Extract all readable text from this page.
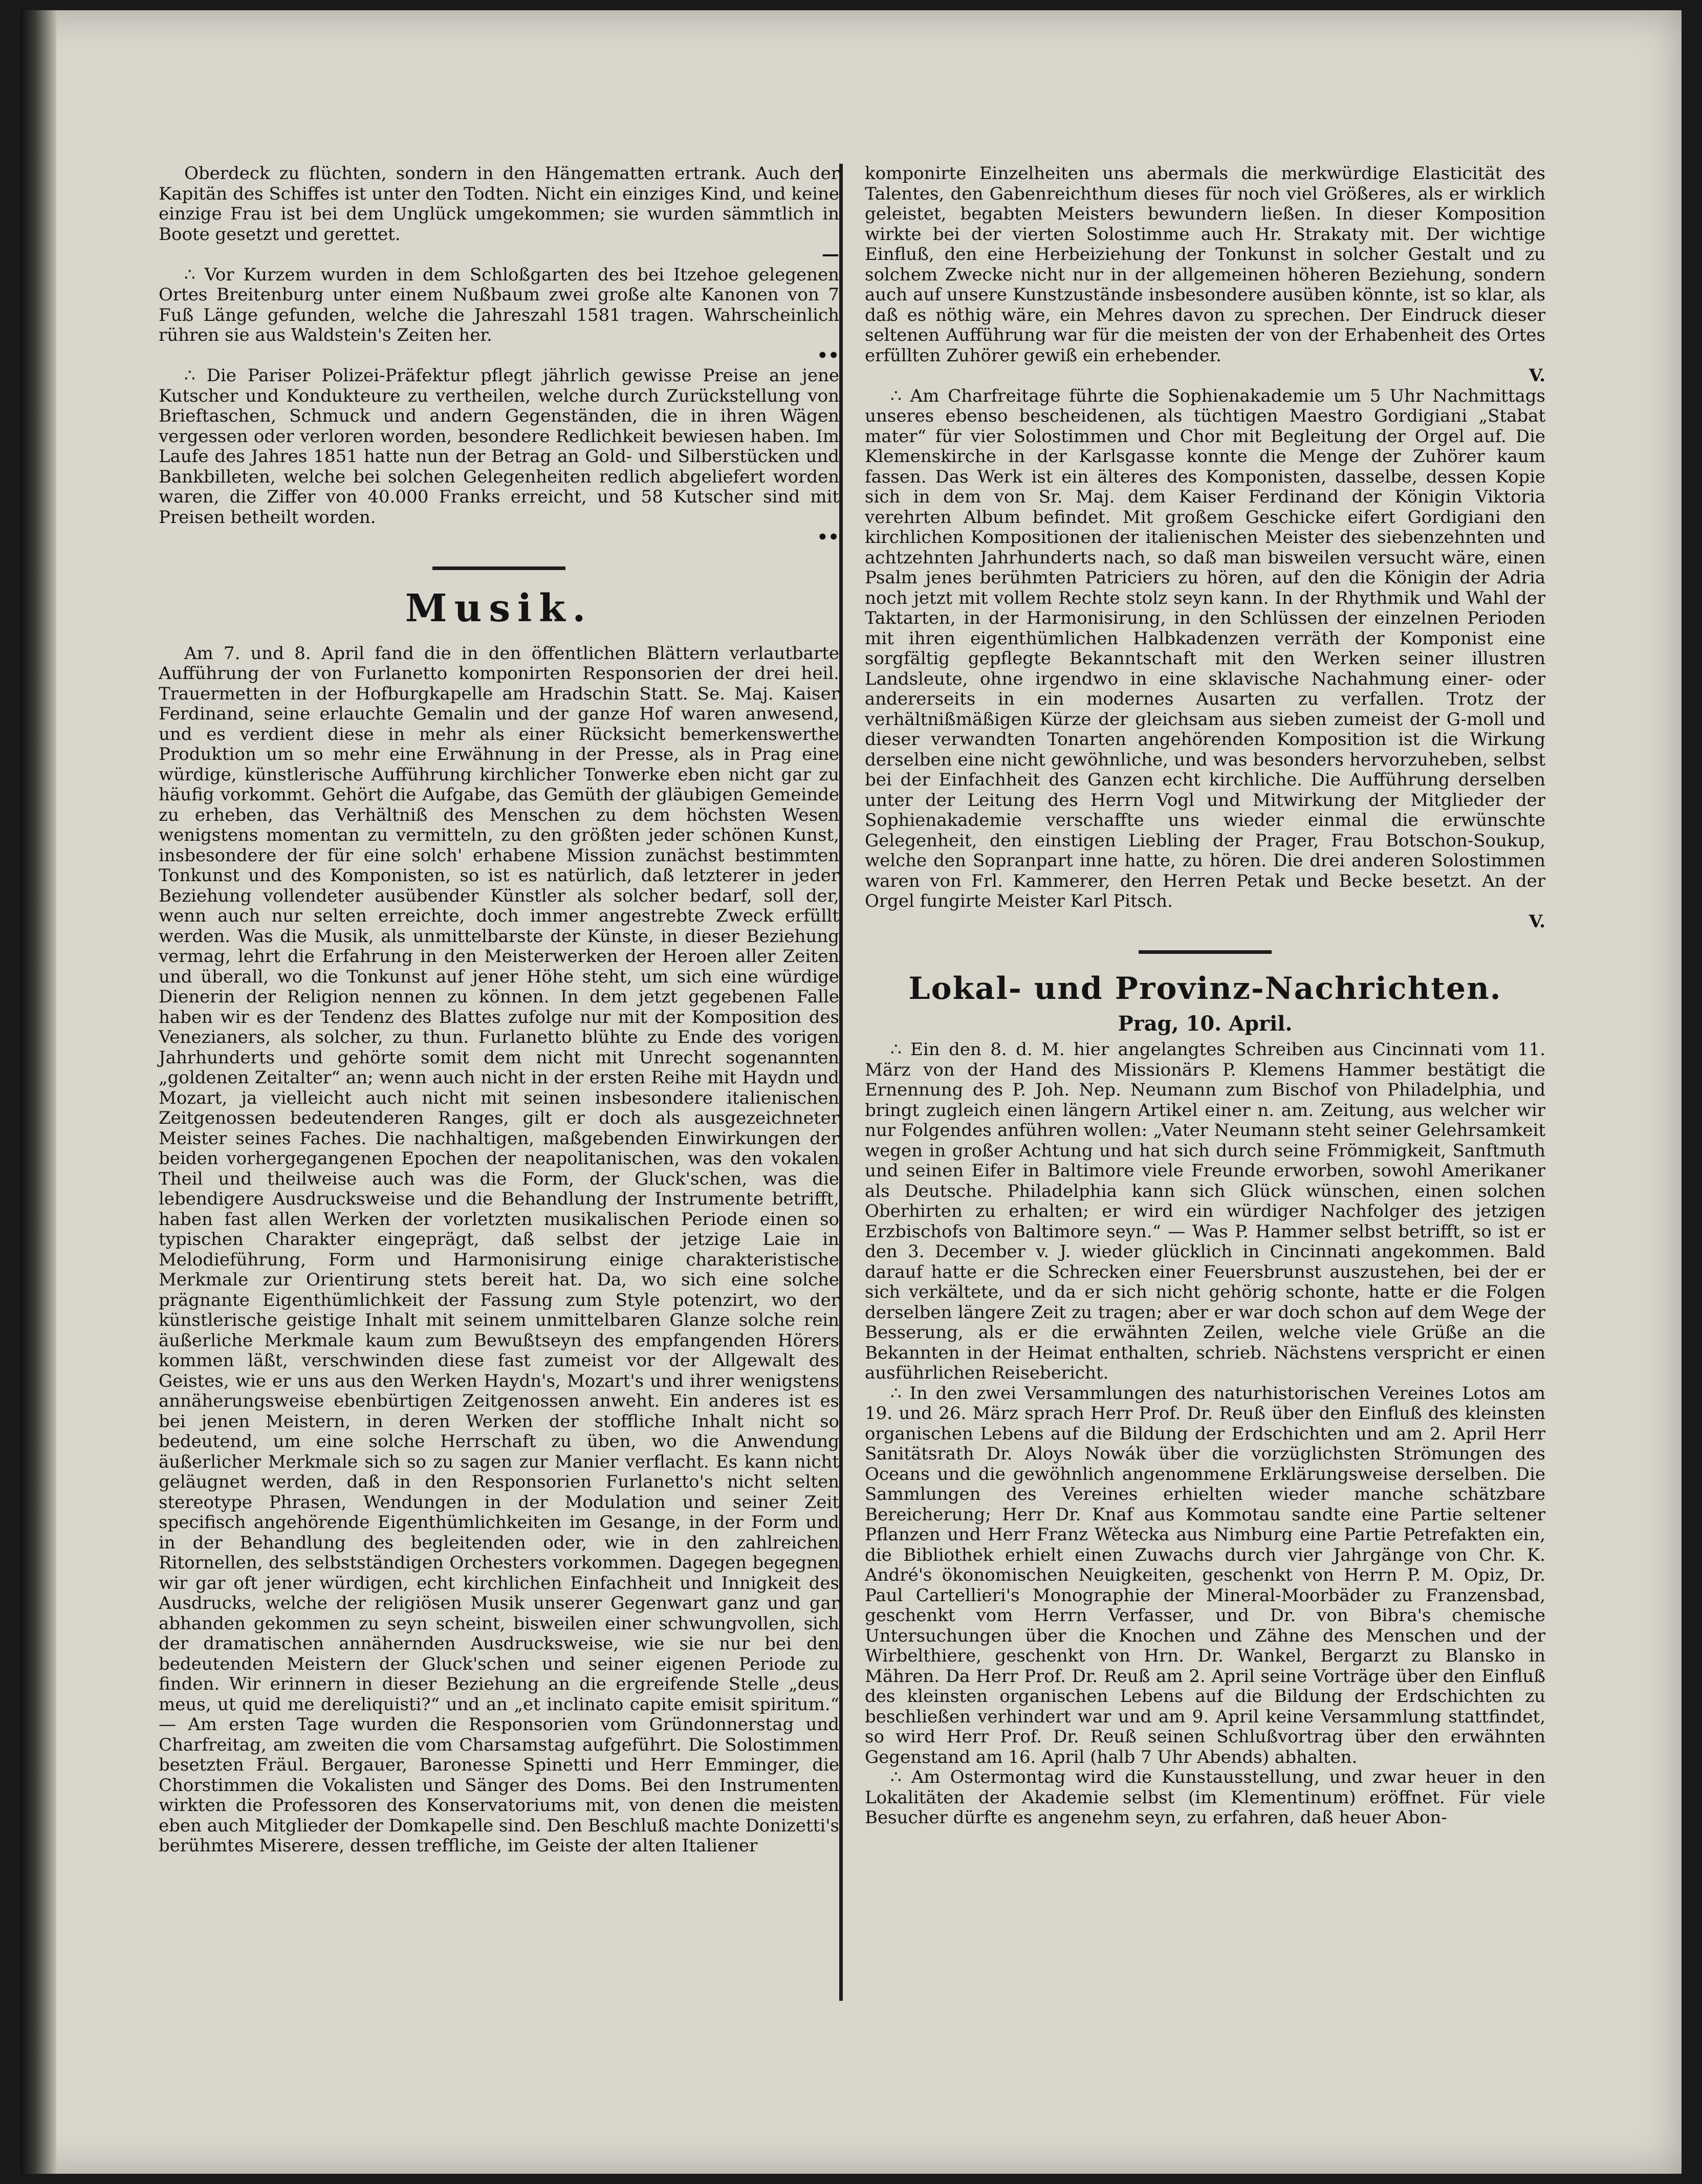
Oberdeck zu flüchten, sondern in den Hängematten ertrank. Auch der Kapitän des Schiffes ist unter den Todten. Nicht ein einziges Kind, und keine einzige Frau ist bei dem Unglück umgekommen; sie wurden sämmtlich in Boote gesetzt und gerettet.

—

∴ Vor Kurzem wurden in dem Schloßgarten des bei Itzehoe gelegenen Ortes Breitenburg unter einem Nußbaum zwei große alte Kanonen von 7 Fuß Länge gefunden, welche die Jahreszahl 1581 tragen. Wahrscheinlich rühren sie aus Waldstein's Zeiten her.

••

∴ Die Pariser Polizei-Präfektur pflegt jährlich gewisse Preise an jene Kutscher und Kondukteure zu vertheilen, welche durch Zurückstellung von Brieftaschen, Schmuck und andern Gegenständen, die in ihren Wägen vergessen oder verloren worden, besondere Redlichkeit bewiesen haben. Im Laufe des Jahres 1851 hatte nun der Betrag an Gold- und Silberstücken und Bankbilleten, welche bei solchen Gelegenheiten redlich abgeliefert worden waren, die Ziffer von 40.000 Franks erreicht, und 58 Kutscher sind mit Preisen betheilt worden.

••
Musik.

Am 7. und 8. April fand die in den öffentlichen Blättern verlautbarte Aufführung der von Furlanetto komponirten Responsorien der drei heil. Trauermetten in der Hofburgkapelle am Hradschin Statt. Se. Maj. Kaiser Ferdinand, seine erlauchte Gemalin und der ganze Hof waren anwesend, und es verdient diese in mehr als einer Rücksicht bemerkenswerthe Produktion um so mehr eine Erwähnung in der Presse, als in Prag eine würdige, künstlerische Aufführung kirchlicher Tonwerke eben nicht gar zu häufig vorkommt. Gehört die Aufgabe, das Gemüth der gläubigen Gemeinde zu erheben, das Verhältniß des Menschen zu dem höchsten Wesen wenigstens momentan zu vermitteln, zu den größten jeder schönen Kunst, insbesondere der für eine solch' erhabene Mission zunächst bestimmten Tonkunst und des Komponisten, so ist es natürlich, daß letzterer in jeder Beziehung vollendeter ausübender Künstler als solcher bedarf, soll der, wenn auch nur selten erreichte, doch immer angestrebte Zweck erfüllt werden. Was die Musik, als unmittelbarste der Künste, in dieser Beziehung vermag, lehrt die Erfahrung in den Meisterwerken der Heroen aller Zeiten und überall, wo die Tonkunst auf jener Höhe steht, um sich eine würdige Dienerin der Religion nennen zu können. In dem jetzt gegebenen Falle haben wir es der Tendenz des Blattes zufolge nur mit der Komposition des Venezianers, als solcher, zu thun. Furlanetto blühte zu Ende des vorigen Jahrhunderts und gehörte somit dem nicht mit Unrecht sogenannten „goldenen Zeitalter“ an; wenn auch nicht in der ersten Reihe mit Haydn und Mozart, ja vielleicht auch nicht mit seinen insbesondere italienischen Zeitgenossen bedeutenderen Ranges, gilt er doch als ausgezeichneter Meister seines Faches. Die nachhaltigen, maßgebenden Einwirkungen der beiden vorhergegangenen Epochen der neapolitanischen, was den vokalen Theil und theilweise auch was die Form, der Gluck'schen, was die lebendigere Ausdrucksweise und die Behandlung der Instrumente betrifft, haben fast allen Werken der vorletzten musikalischen Periode einen so typischen Charakter eingeprägt, daß selbst der jetzige Laie in Melodieführung, Form und Harmonisirung einige charakteristische Merkmale zur Orientirung stets bereit hat. Da, wo sich eine solche prägnante Eigenthümlichkeit der Fassung zum Style potenzirt, wo der künstlerische geistige Inhalt mit seinem unmittelbaren Glanze solche rein äußerliche Merkmale kaum zum Bewußtseyn des empfangenden Hörers kommen läßt, verschwinden diese fast zumeist vor der Allgewalt des Geistes, wie er uns aus den Werken Haydn's, Mozart's und ihrer wenigstens annäherungsweise ebenbürtigen Zeitgenossen anweht. Ein anderes ist es bei jenen Meistern, in deren Werken der stoffliche Inhalt nicht so bedeutend, um eine solche Herrschaft zu üben, wo die Anwendung äußerlicher Merkmale sich so zu sagen zur Manier verflacht. Es kann nicht geläugnet werden, daß in den Responsorien Furlanetto's nicht selten stereotype Phrasen, Wendungen in der Modulation und seiner Zeit specifisch angehörende Eigenthümlichkeiten im Gesange, in der Form und in der Behandlung des begleitenden oder, wie in den zahlreichen Ritornellen, des selbstständigen Orchesters vorkommen. Dagegen begegnen wir gar oft jener würdigen, echt kirchlichen Einfachheit und Innigkeit des Ausdrucks, welche der religiösen Musik unserer Gegenwart ganz und gar abhanden gekommen zu seyn scheint, bisweilen einer schwungvollen, sich der dramatischen annähernden Ausdrucksweise, wie sie nur bei den bedeutenden Meistern der Gluck'schen und seiner eigenen Periode zu finden. Wir erinnern in dieser Beziehung an die ergreifende Stelle „deus meus, ut quid me dereliquisti?“ und an „et inclinato capite emisit spiritum.“ — Am ersten Tage wurden die Responsorien vom Gründonnerstag und Charfreitag, am zweiten die vom Charsamstag aufgeführt. Die Solostimmen besetzten Fräul. Bergauer, Baronesse Spinetti und Herr Emminger, die Chorstimmen die Vokalisten und Sänger des Doms. Bei den Instrumenten wirkten die Professoren des Konservatoriums mit, von denen die meisten eben auch Mitglieder der Domkapelle sind. Den Beschluß machte Donizetti's berühmtes Miserere, dessen treffliche, im Geiste der alten Italiener

komponirte Einzelheiten uns abermals die merkwürdige Elasticität des Talentes, den Gabenreichthum dieses für noch viel Größeres, als er wirklich geleistet, begabten Meisters bewundern ließen. In dieser Komposition wirkte bei der vierten Solostimme auch Hr. Strakaty mit. Der wichtige Einfluß, den eine Herbeiziehung der Tonkunst in solcher Gestalt und zu solchem Zwecke nicht nur in der allgemeinen höheren Beziehung, sondern auch auf unsere Kunstzustände insbesondere ausüben könnte, ist so klar, als daß es nöthig wäre, ein Mehres davon zu sprechen. Der Eindruck dieser seltenen Aufführung war für die meisten der von der Erhabenheit des Ortes erfüllten Zuhörer gewiß ein erhebender.

V.

∴ Am Charfreitage führte die Sophienakademie um 5 Uhr Nachmittags unseres ebenso bescheidenen, als tüchtigen Maestro Gordigiani „Stabat mater“ für vier Solostimmen und Chor mit Begleitung der Orgel auf. Die Klemenskirche in der Karlsgasse konnte die Menge der Zuhörer kaum fassen. Das Werk ist ein älteres des Komponisten, dasselbe, dessen Kopie sich in dem von Sr. Maj. dem Kaiser Ferdinand der Königin Viktoria verehrten Album befindet. Mit großem Geschicke eifert Gordigiani den kirchlichen Kompositionen der italienischen Meister des siebenzehnten und achtzehnten Jahrhunderts nach, so daß man bisweilen versucht wäre, einen Psalm jenes berühmten Patriciers zu hören, auf den die Königin der Adria noch jetzt mit vollem Rechte stolz seyn kann. In der Rhythmik und Wahl der Taktarten, in der Harmonisirung, in den Schlüssen der einzelnen Perioden mit ihren eigenthümlichen Halbkadenzen verräth der Komponist eine sorgfältig gepflegte Bekanntschaft mit den Werken seiner illustren Landsleute, ohne irgendwo in eine sklavische Nachahmung einer- oder andererseits in ein modernes Ausarten zu verfallen. Trotz der verhältnißmäßigen Kürze der gleichsam aus sieben zumeist der G-moll und dieser verwandten Tonarten angehörenden Komposition ist die Wirkung derselben eine nicht gewöhnliche, und was besonders hervorzuheben, selbst bei der Einfachheit des Ganzen echt kirchliche. Die Aufführung derselben unter der Leitung des Herrn Vogl und Mitwirkung der Mitglieder der Sophienakademie verschaffte uns wieder einmal die erwünschte Gelegenheit, den einstigen Liebling der Prager, Frau Botschon-Soukup, welche den Sopranpart inne hatte, zu hören. Die drei anderen Solostimmen waren von Frl. Kammerer, den Herren Petak und Becke besetzt. An der Orgel fungirte Meister Karl Pitsch.

V.
Lokal- und Provinz-Nachrichten.
Prag, 10. April.

∴ Ein den 8. d. M. hier angelangtes Schreiben aus Cincinnati vom 11. März von der Hand des Missionärs P. Klemens Hammer bestätigt die Ernennung des P. Joh. Nep. Neumann zum Bischof von Philadelphia, und bringt zugleich einen längern Artikel einer n. am. Zeitung, aus welcher wir nur Folgendes anführen wollen: „Vater Neumann steht seiner Gelehrsamkeit wegen in großer Achtung und hat sich durch seine Frömmigkeit, Sanftmuth und seinen Eifer in Baltimore viele Freunde erworben, sowohl Amerikaner als Deutsche. Philadelphia kann sich Glück wünschen, einen solchen Oberhirten zu erhalten; er wird ein würdiger Nachfolger des jetzigen Erzbischofs von Baltimore seyn.“ — Was P. Hammer selbst betrifft, so ist er den 3. December v. J. wieder glücklich in Cincinnati angekommen. Bald darauf hatte er die Schrecken einer Feuersbrunst auszustehen, bei der er sich verkältete, und da er sich nicht gehörig schonte, hatte er die Folgen derselben längere Zeit zu tragen; aber er war doch schon auf dem Wege der Besserung, als er die erwähnten Zeilen, welche viele Grüße an die Bekannten in der Heimat enthalten, schrieb. Nächstens verspricht er einen ausführlichen Reisebericht.

∴ In den zwei Versammlungen des naturhistorischen Vereines Lotos am 19. und 26. März sprach Herr Prof. Dr. Reuß über den Einfluß des kleinsten organischen Lebens auf die Bildung der Erdschichten und am 2. April Herr Sanitätsrath Dr. Aloys Nowák über die vorzüglichsten Strömungen des Oceans und die gewöhnlich angenommene Erklärungsweise derselben. Die Sammlungen des Vereines erhielten wieder manche schätzbare Bereicherung; Herr Dr. Knaf aus Kommotau sandte eine Partie seltener Pflanzen und Herr Franz Wětecka aus Nimburg eine Partie Petrefakten ein, die Bibliothek erhielt einen Zuwachs durch vier Jahrgänge von Chr. K. André's ökonomischen Neuigkeiten, geschenkt von Herrn P. M. Opiz, Dr. Paul Cartellieri's Monographie der Mineral-Moorbäder zu Franzensbad, geschenkt vom Herrn Verfasser, und Dr. von Bibra's chemische Untersuchungen über die Knochen und Zähne des Menschen und der Wirbelthiere, geschenkt von Hrn. Dr. Wankel, Bergarzt zu Blansko in Mähren. Da Herr Prof. Dr. Reuß am 2. April seine Vorträge über den Einfluß des kleinsten organischen Lebens auf die Bildung der Erdschichten zu beschließen verhindert war und am 9. April keine Versammlung stattfindet, so wird Herr Prof. Dr. Reuß seinen Schlußvortrag über den erwähnten Gegenstand am 16. April (halb 7 Uhr Abends) abhalten.

∴ Am Ostermontag wird die Kunstausstellung, und zwar heuer in den Lokalitäten der Akademie selbst (im Klementinum) eröffnet. Für viele Besucher dürfte es angenehm seyn, zu erfahren, daß heuer Abon-
